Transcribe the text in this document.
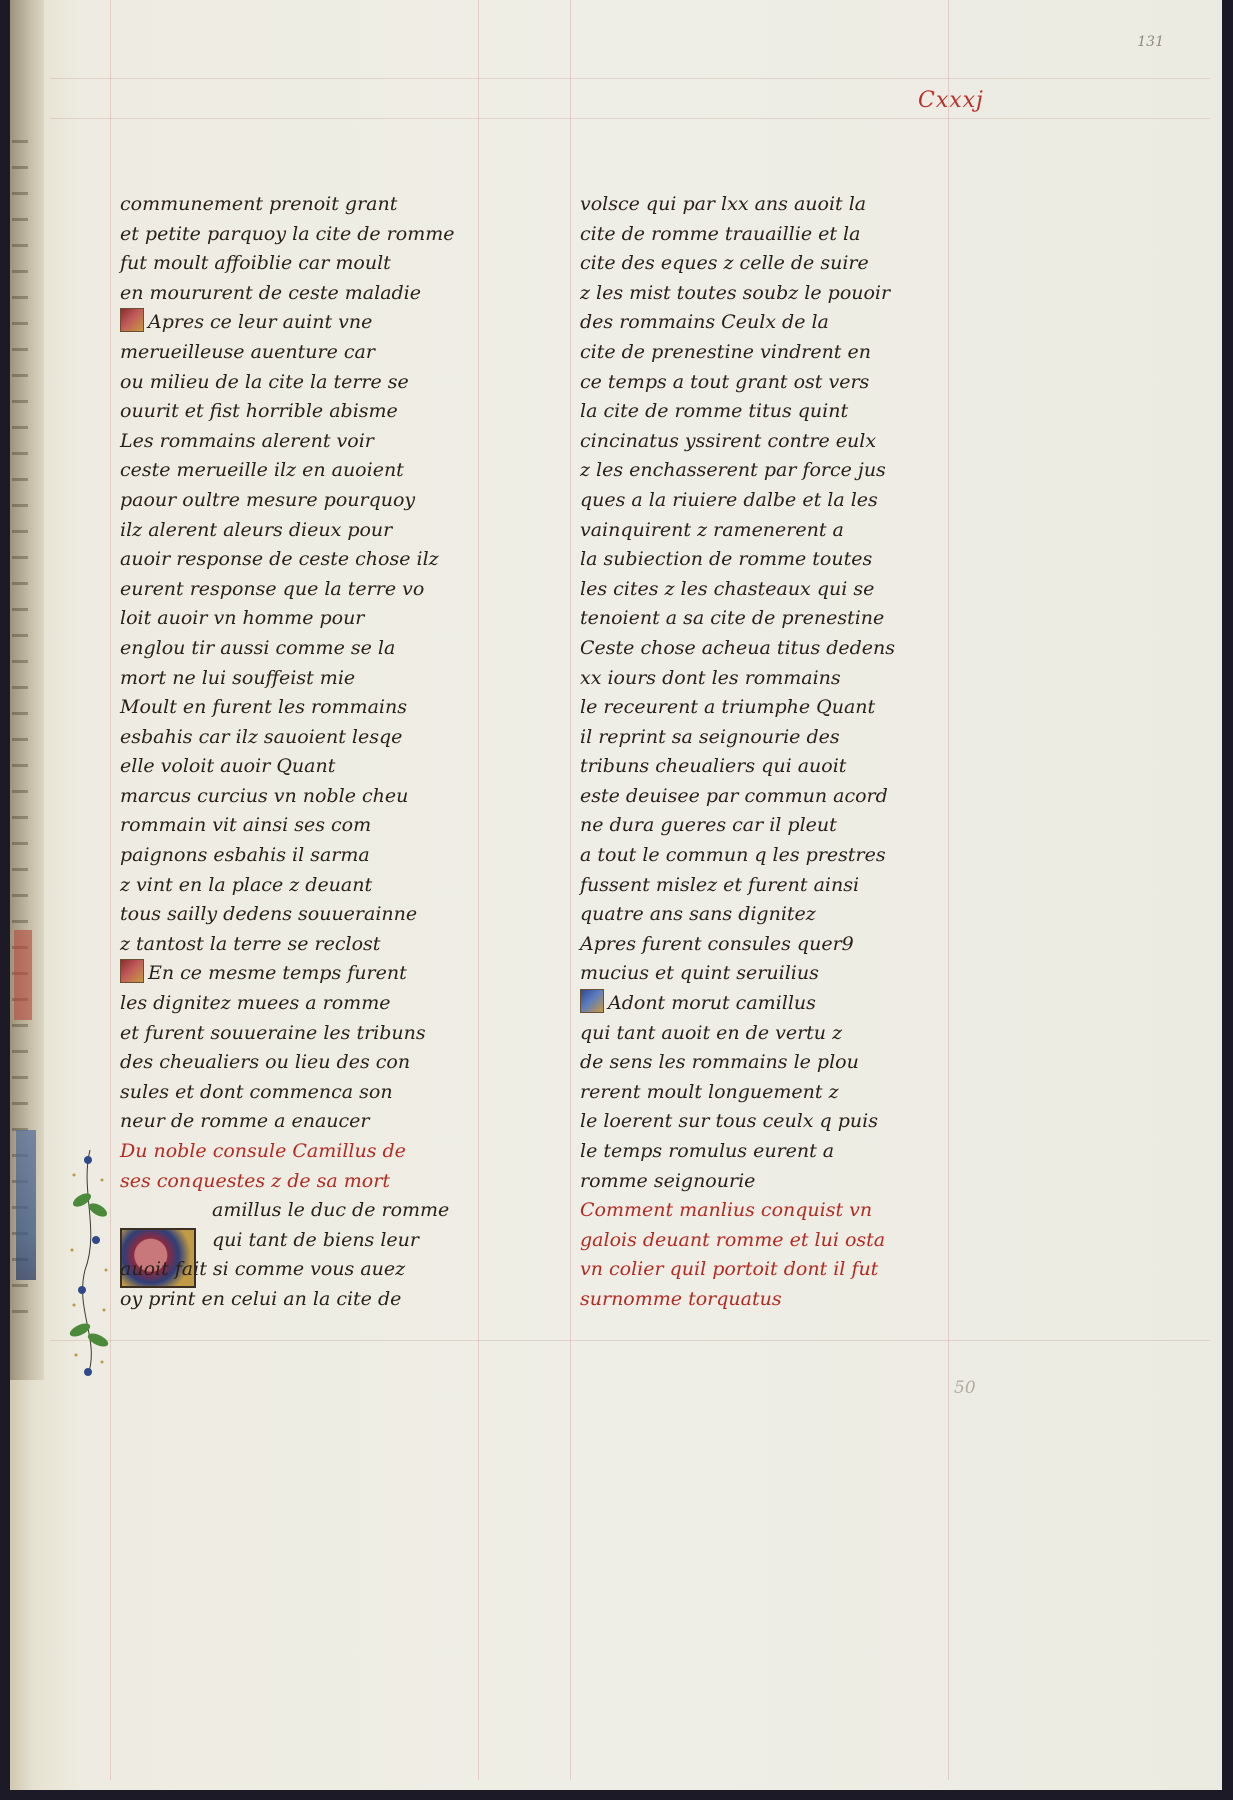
131
Cxxxj
50
communement prenoit grant
et petite parquoy la cite de romme
fut moult affoiblie car moult
en moururent de ceste maladie
Apres ce leur auint vne
merueilleuse auenture car
ou milieu de la cite la terre se
ouurit et fist horrible abisme
Les rommains alerent voir
ceste merueille ilz en auoient
paour oultre mesure pourquoy
ilz alerent aleurs dieux pour
auoir response de ceste chose ilz
eurent response que la terre vo
loit auoir vn homme pour
englou tir aussi comme se la
mort ne lui souffeist mie
Moult en furent les rommains
esbahis car ilz sauoient lesqe
elle voloit auoir Quant
marcus curcius vn noble cheu
rommain vit ainsi ses com
paignons esbahis il sarma
z vint en la place z deuant
tous sailly dedens souuerainne
z tantost la terre se reclost
En ce mesme temps furent
les dignitez muees a romme
et furent souueraine les tribuns
des cheualiers ou lieu des con
sules et dont commenca son
neur de romme a enaucer
Du noble consule Camillus de
ses conquestes z de sa mort
amillus le duc de romme
qui tant de biens leur
auoit fait si comme vous auez
oy print en celui an la cite de
volsce qui par lxx ans auoit la
cite de romme trauaillie et la
cite des eques z celle de suire
z les mist toutes soubz le pouoir
des rommains Ceulx de la
cite de prenestine vindrent en
ce temps a tout grant ost vers
la cite de romme titus quint
cincinatus yssirent contre eulx
z les enchasserent par force jus
ques a la riuiere dalbe et la les
vainquirent z ramenerent a
la subiection de romme toutes
les cites z les chasteaux qui se
tenoient a sa cite de prenestine
Ceste chose acheua titus dedens
xx iours dont les rommains
le receurent a triumphe Quant
il reprint sa seignourie des
tribuns cheualiers qui auoit
este deuisee par commun acord
ne dura gueres car il pleut
a tout le commun q les prestres
fussent mislez et furent ainsi
quatre ans sans dignitez
Apres furent consules quer9
mucius et quint seruilius
Adont morut camillus
qui tant auoit en de vertu z
de sens les rommains le plou
rerent moult longuement z
le loerent sur tous ceulx q puis
le temps romulus eurent a
romme seignourie
Comment manlius conquist vn
galois deuant romme et lui osta
vn colier quil portoit dont il fut
surnomme torquatus
